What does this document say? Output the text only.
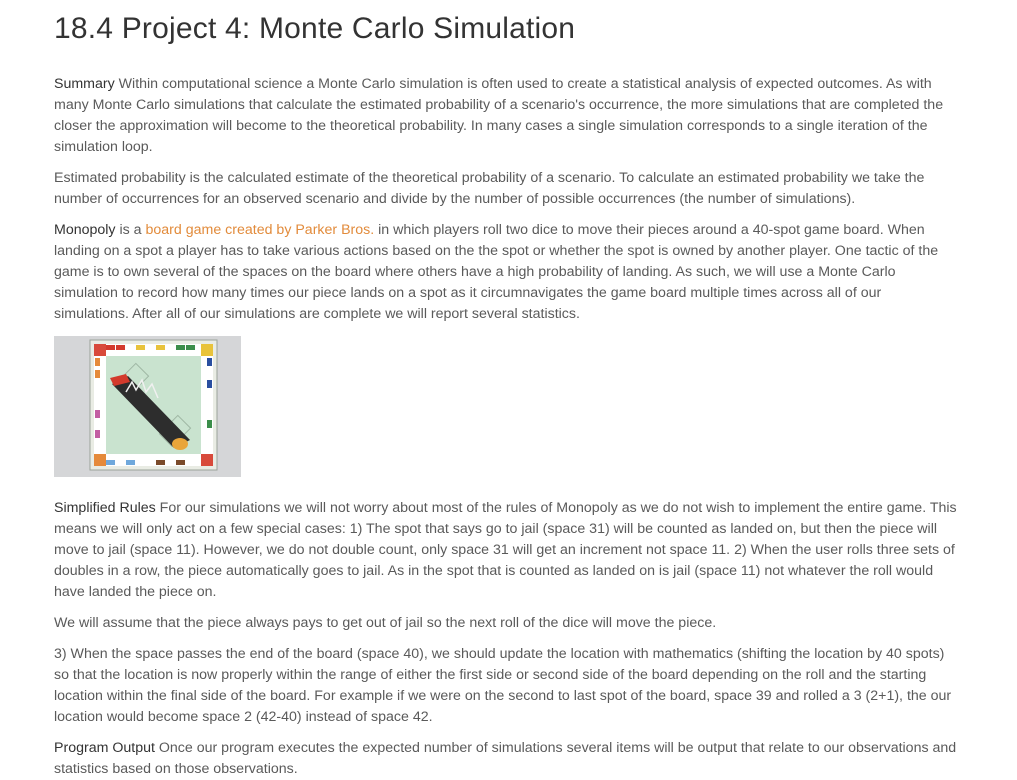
18.4 Project 4: Monte Carlo Simulation

Summary Within computational science a Monte Carlo simulation is often used to create a statistical analysis of expected outcomes. As with many Monte Carlo simulations that calculate the estimated probability of a scenario's occurrence, the more simulations that are completed the closer the approximation will become to the theoretical probability. In many cases a single simulation corresponds to a single iteration of the simulation loop.

Estimated probability is the calculated estimate of the theoretical probability of a scenario. To calculate an estimated probability we take the number of occurrences for an observed scenario and divide by the number of possible occurrences (the number of simulations).

Monopoly is a board game created by Parker Bros. in which players roll two dice to move their pieces around a 40-spot game board. When landing on a spot a player has to take various actions based on the the spot or whether the spot is owned by another player. One tactic of the game is to own several of the spaces on the board where others have a high probability of landing. As such, we will use a Monte Carlo simulation to record how many times our piece lands on a spot as it circumnavigates the game board multiple times across all of our simulations. After all of our simulations are complete we will report several statistics.

Simplified Rules For our simulations we will not worry about most of the rules of Monopoly as we do not wish to implement the entire game. This means we will only act on a few special cases: 1) The spot that says go to jail (space 31) will be counted as landed on, but then the piece will move to jail (space 11). However, we do not double count, only space 31 will get an increment not space 11. 2) When the user rolls three sets of doubles in a row, the piece automatically goes to jail. As in the spot that is counted as landed on is jail (space 11) not whatever the roll would have landed the piece on.

We will assume that the piece always pays to get out of jail so the next roll of the dice will move the piece.

3) When the space passes the end of the board (space 40), we should update the location with mathematics (shifting the location by 40 spots) so that the location is now properly within the range of either the first side or second side of the board depending on the roll and the starting location within the final side of the board. For example if we were on the second to last spot of the board, space 39 and rolled a 3 (2+1), the our location would become space 2 (42-40) instead of space 42.

Program Output Once our program executes the expected number of simulations several items will be output that relate to our observations and statistics based on those observations.
